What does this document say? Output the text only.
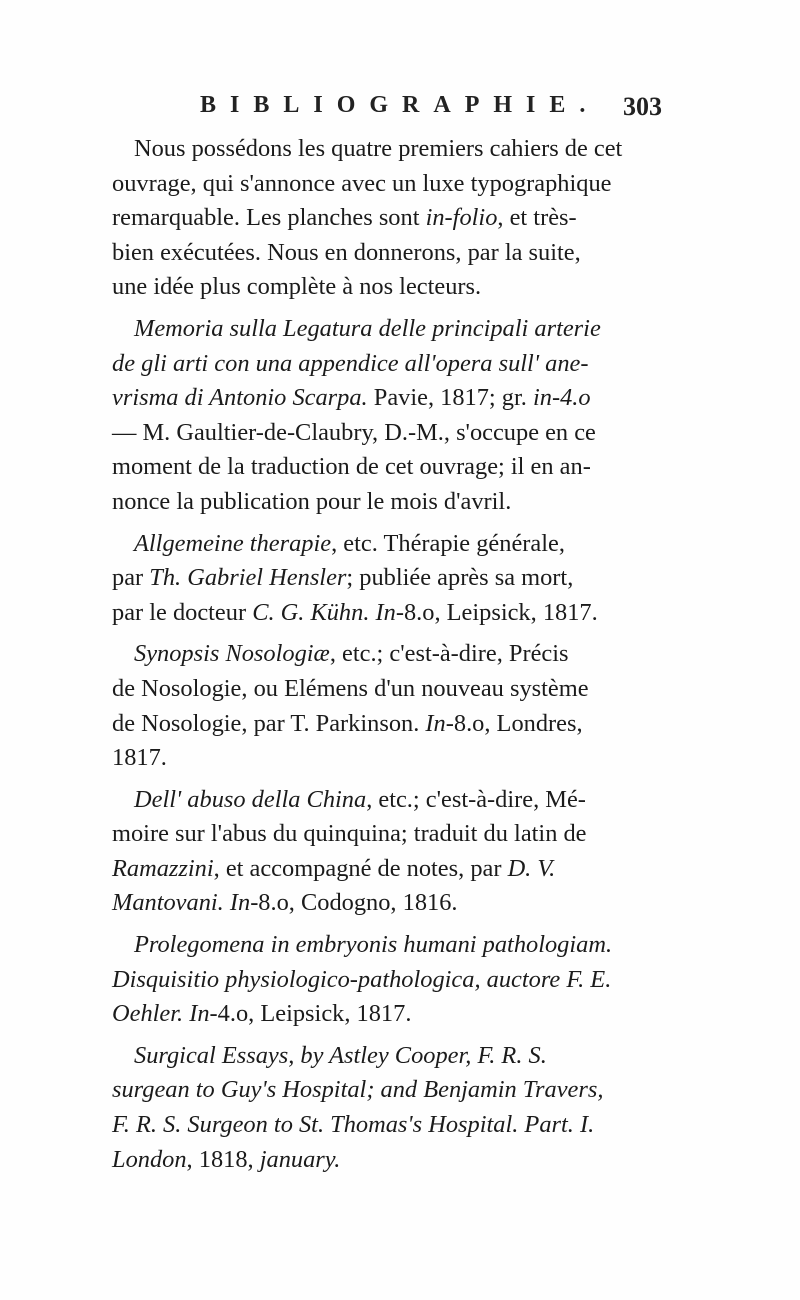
BIBLIOGRAPHIE. 303
Nous possédons les quatre premiers cahiers de cet
ouvrage, qui s'annonce avec un luxe typographique
remarquable. Les planches sont in-folio, et très-
bien exécutées. Nous en donnerons, par la suite,
une idée plus complète à nos lecteurs.
Memoria sulla Legatura delle principali arterie
de gli arti con una appendice all'opera sull' ane-
vrisma di Antonio Scarpa. Pavie, 1817; gr. in-4.o
— M. Gaultier-de-Claubry, D.-M., s'occupe en ce
moment de la traduction de cet ouvrage; il en an-
nonce la publication pour le mois d'avril.
Allgemeine therapie, etc. Thérapie générale,
par Th. Gabriel Hensler; publiée après sa mort,
par le docteur C. G. Kühn. In-8.o, Leipsick, 1817.
Synopsis Nosologiæ, etc.; c'est-à-dire, Précis
de Nosologie, ou Elémens d'un nouveau système
de Nosologie, par T. Parkinson. In-8.o, Londres,
1817.
Dell' abuso della China, etc.; c'est-à-dire, Mé-
moire sur l'abus du quinquina; traduit du latin de
Ramazzini, et accompagné de notes, par D. V.
Mantovani. In-8.o, Codogno, 1816.
Prolegomena in embryonis humani pathologiam.
Disquisitio physiologico-pathologica, auctore F. E.
Oehler. In-4.o, Leipsick, 1817.
Surgical Essays, by Astley Cooper, F. R. S.
surgean to Guy's Hospital; and Benjamin Travers,
F. R. S. Surgeon to St. Thomas's Hospital. Part. I.
London, 1818, january.
